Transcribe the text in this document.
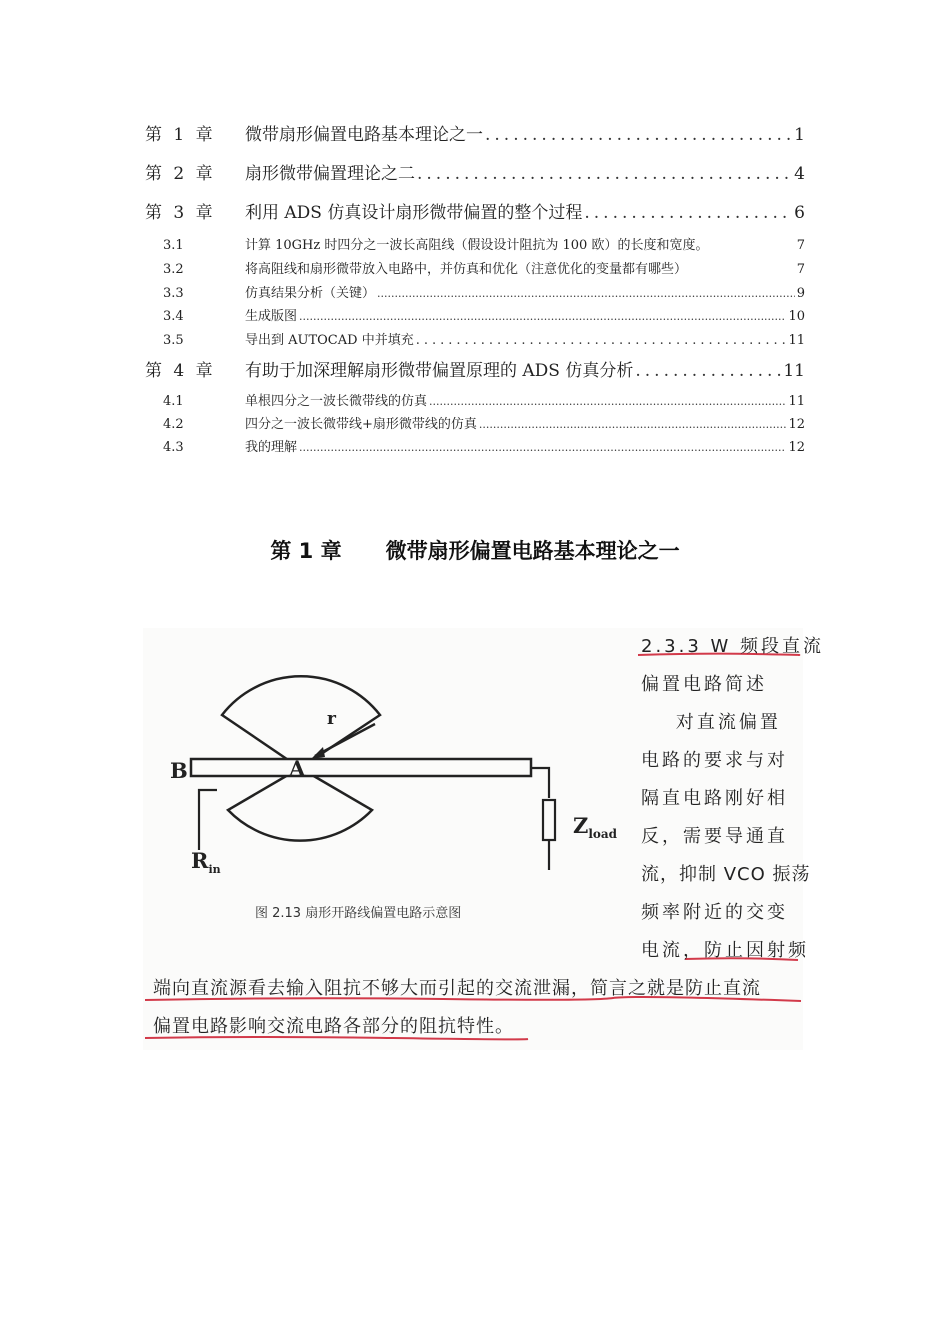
第 1 章	微带扇形偏置电路基本理论之一 .....	1
第 2 章	扇形微带偏置理论之二 .....	4
第 3 章	利用 ADS 仿真设计扇形微带偏置的整个过程 .....	6
3.1	计算 10GHz 时四分之一波长高阻线（假设设计阻抗为 100 欧）的长度和宽度。	7
3.2	将高阻线和扇形微带放入电路中，并仿真和优化（注意优化的变量都有哪些）	7
3.3	仿真结果分析（关键） .....	9
3.4	生成版图 .....	10
3.5	导出到 AUTOCAD 中并填充 .....	11
第 4 章	有助于加深理解扇形微带偏置原理的 ADS 仿真分析 .....	11
4.1	单根四分之一波长微带线的仿真 .....	11
4.2	四分之一波长微带线+扇形微带线的仿真 .....	12
4.3	我的理解 .....	12
第 1 章 微带扇形偏置电路基本理论之一
B	A
r
$Z_{load}$
$R_{in}$
图 2.13 扇形开路线偏置电路示意图
2.3.3 W 频段直流
偏置电路简述
对直流偏置
电路的要求与对
隔直电路刚好相
反，需要导通直
流，抑制 VCO 振荡
频率附近的交变
电流，防止因射频
端向直流源看去输入阻抗不够大而引起的交流泄漏，简言之就是防止直流
偏置电路影响交流电路各部分的阻抗特性。
